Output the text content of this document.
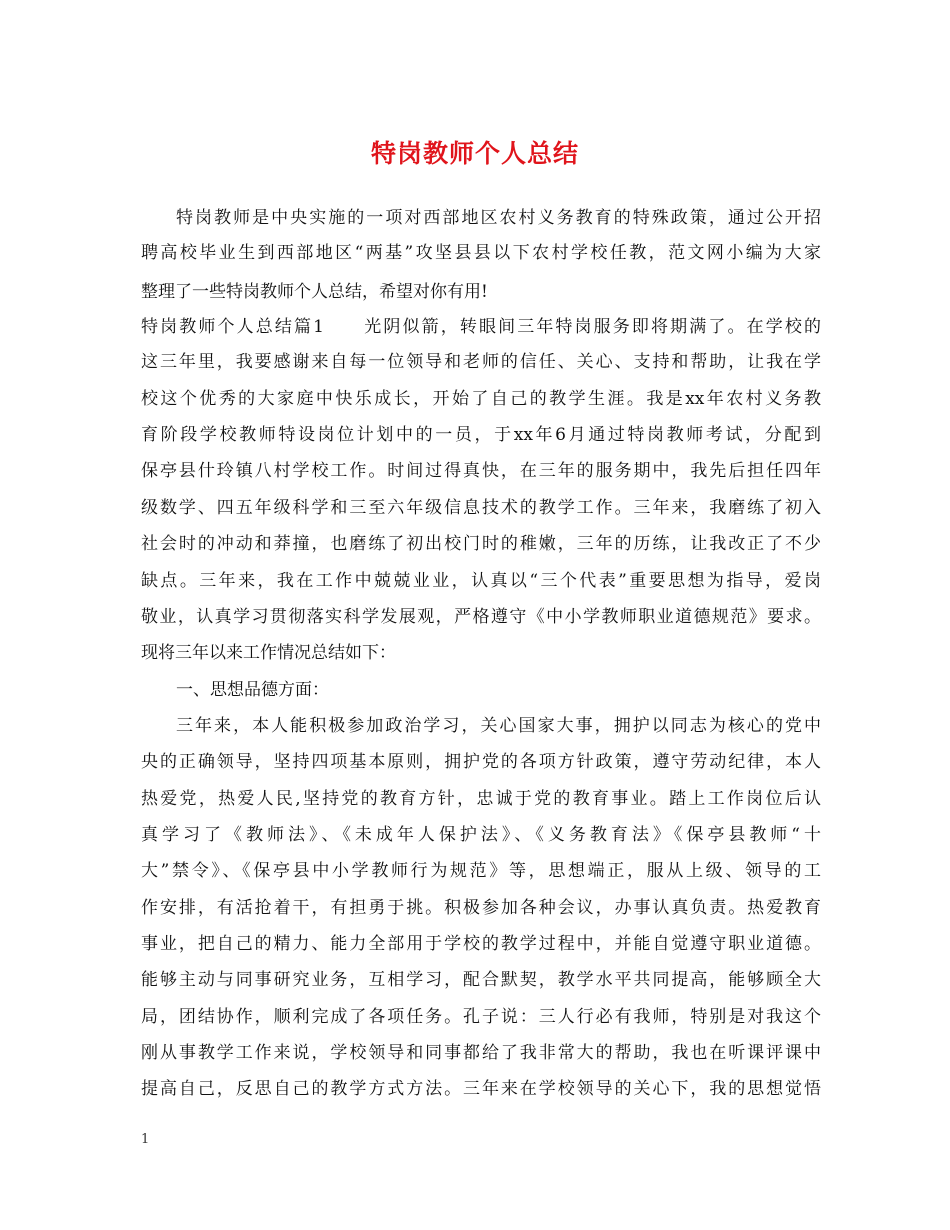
特岗教师个人总结
特岗教师是中央实施的一项对西部地区农村义务教育的特殊政策，通过公开招
聘高校毕业生到西部地区“两基”攻坚县县以下农村学校任教，范文网小编为大家
整理了一些特岗教师个人总结，希望对你有用!
特岗教师个人总结篇1　　光阴似箭，转眼间三年特岗服务即将期满了。在学校的
这三年里，我要感谢来自每一位领导和老师的信任、关心、支持和帮助，让我在学
校这个优秀的大家庭中快乐成长，开始了自己的教学生涯。我是xx年农村义务教
育阶段学校教师特设岗位计划中的一员，于xx年6月通过特岗教师考试，分配到
保亭县什玲镇八村学校工作。时间过得真快，在三年的服务期中，我先后担任四年
级数学、四五年级科学和三至六年级信息技术的教学工作。三年来，我磨练了初入
社会时的冲动和莽撞，也磨练了初出校门时的稚嫩，三年的历练，让我改正了不少
缺点。三年来，我在工作中兢兢业业，认真以“三个代表”重要思想为指导，爱岗
敬业，认真学习贯彻落实科学发展观，严格遵守《中小学教师职业道德规范》要求。
现将三年以来工作情况总结如下：
一、思想品德方面：
三年来，本人能积极参加政治学习，关心国家大事，拥护以同志为核心的党中
央的正确领导，坚持四项基本原则，拥护党的各项方针政策，遵守劳动纪律，本人
热爱党，热爱人民,坚持党的教育方针，忠诚于党的教育事业。踏上工作岗位后认
真学习了《教师法》、《未成年人保护法》、《义务教育法》《保亭县教师“十
大”禁令》、《保亭县中小学教师行为规范》等，思想端正，服从上级、领导的工
作安排，有活抢着干，有担勇于挑。积极参加各种会议，办事认真负责。热爱教育
事业，把自己的精力、能力全部用于学校的教学过程中，并能自觉遵守职业道德。
能够主动与同事研究业务，互相学习，配合默契，教学水平共同提高，能够顾全大
局，团结协作，顺利完成了各项任务。孔子说：三人行必有我师，特别是对我这个
刚从事教学工作来说，学校领导和同事都给了我非常大的帮助，我也在听课评课中
提高自己，反思自己的教学方式方法。三年来在学校领导的关心下，我的思想觉悟
1
